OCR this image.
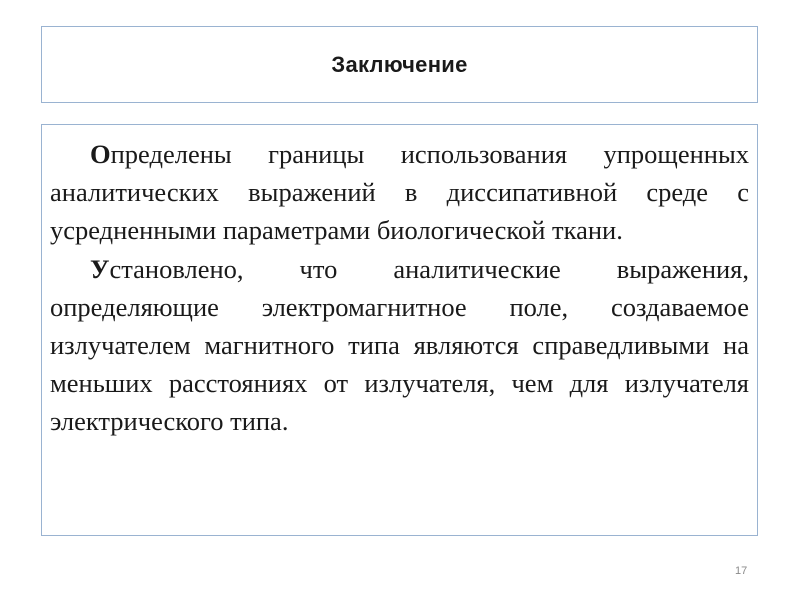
Заключение

Определены границы использования упрощенных аналитических выражений в диссипативной среде с усредненными параметрами биологической ткани.

Установлено, что аналитические выражения, определяющие электромагнитное поле, создаваемое излучателем магнитного типа являются справедливыми на меньших расстояниях от излучателя, чем для излучателя электрического типа.

17
